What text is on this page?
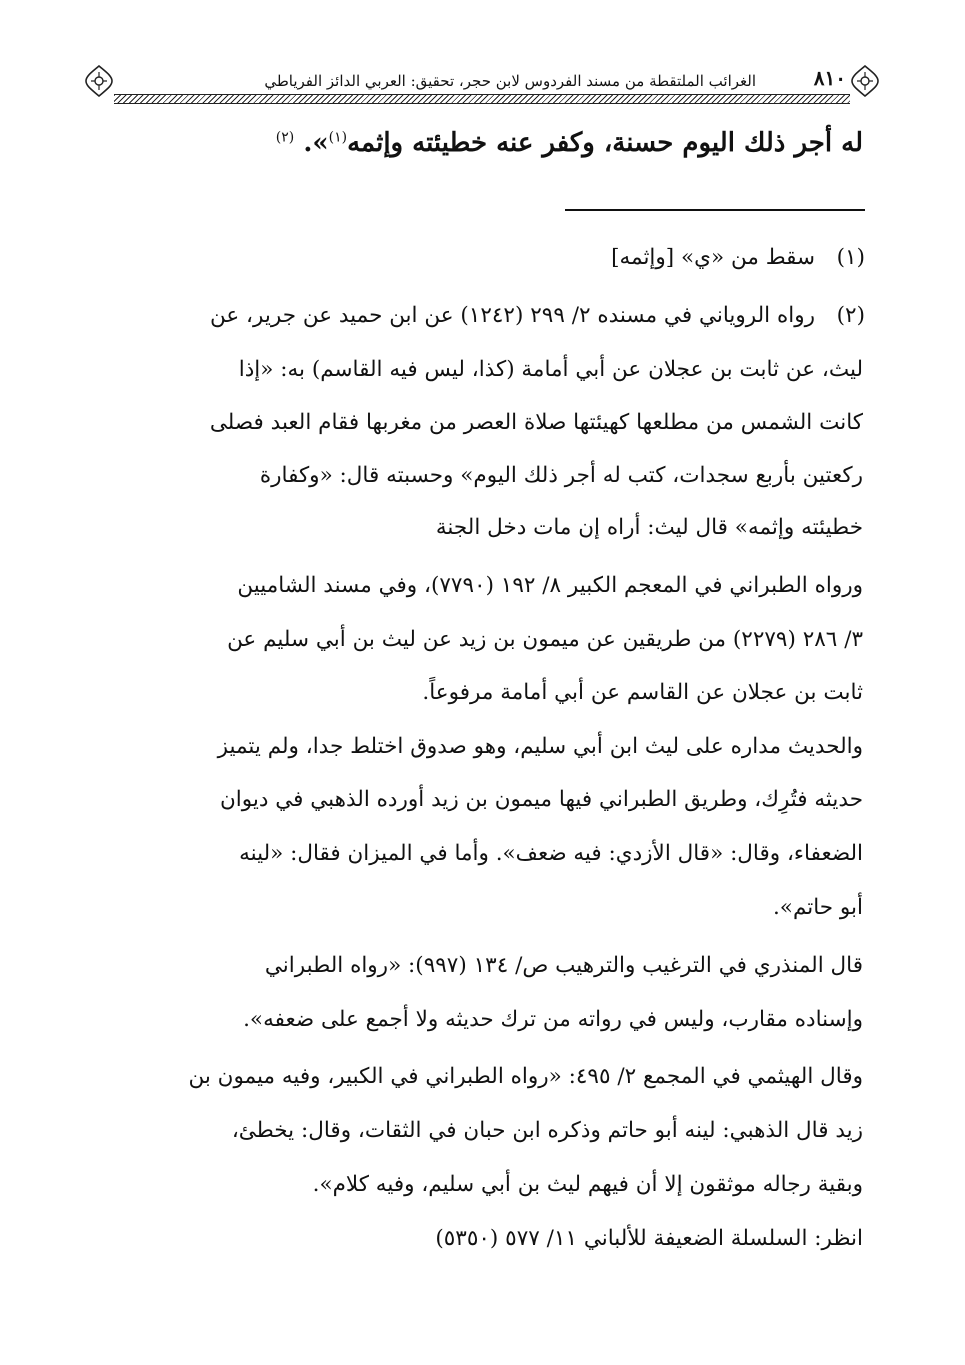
٨١٠
الغرائب الملتقطة من مسند الفردوس لابن حجر، تحقيق: العربي الدائز الفرياطي
له أجر ذلك اليوم حسنة، وكفر عنه خطيئته وإثمه$^{(١)}$». $^{(٢)}$
(١)
سقط من «ي» [وإثمه]
(٢)
رواه الروياني في مسنده ٢/ ٢٩٩ (١٢٤٢) عن ابن حميد عن جرير، عن
ليث، عن ثابت بن عجلان عن أبي أمامة (كذا، ليس فيه القاسم) به: «إذا
كانت الشمس من مطلعها كهيئتها صلاة العصر من مغربها فقام العبد فصلى
ركعتين بأربع سجدات، كتب له أجر ذلك اليوم» وحسبته قال: «وكفارة
خطيئته وإثمه» قال ليث: أراه إن مات دخل الجنة
ورواه الطبراني في المعجم الكبير ٨/ ١٩٢ (٧٧٩٠)، وفي مسند الشاميين
٣/ ٢٨٦ (٢٢٧٩) من طريقين عن ميمون بن زيد عن ليث بن أبي سليم عن
ثابت بن عجلان عن القاسم عن أبي أمامة مرفوعاً.
والحديث مداره على ليث ابن أبي سليم، وهو صدوق اختلط جدا، ولم يتميز
حديثه فتُرِك، وطريق الطبراني فيها ميمون بن زيد أورده الذهبي في ديوان
الضعفاء، وقال: «قال الأزدي: فيه ضعف». وأما في الميزان فقال: «لينه
أبو حاتم».
قال المنذري في الترغيب والترهيب ص/ ١٣٤ (٩٩٧): «رواه الطبراني
وإسناده مقارب، وليس في رواته من ترك حديثه ولا أجمع على ضعفه».
وقال الهيثمي في المجمع ٢/ ٤٩٥: «رواه الطبراني في الكبير، وفيه ميمون بن
زيد قال الذهبي: لينه أبو حاتم وذكره ابن حبان في الثقات، وقال: يخطئ،
وبقية رجاله موثقون إلا أن فيهم ليث بن أبي سليم، وفيه كلام».
انظر: السلسلة الضعيفة للألباني ١١/ ٥٧٧ (٥٣٥٠)
